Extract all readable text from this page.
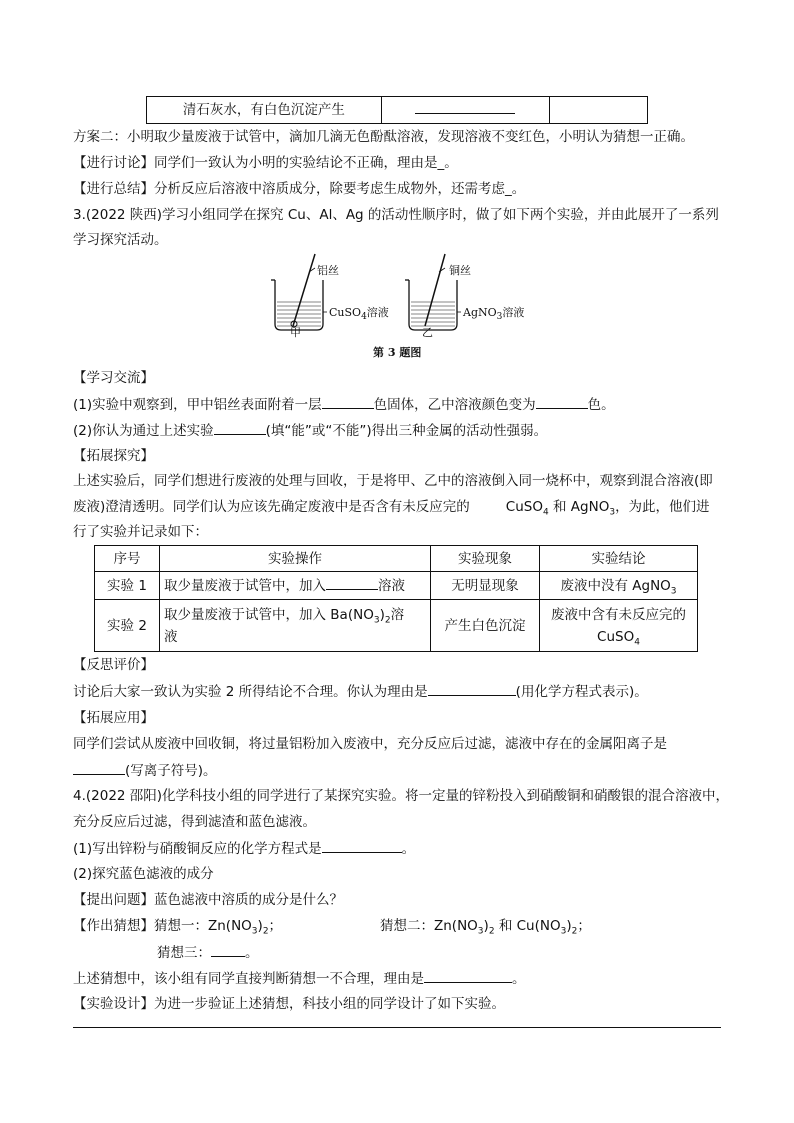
清石灰水，有白色沉淀产生		
方案二：小明取少量废液于试管中，滴加几滴无色酚酞溶液，发现溶液不变红色，小明认为猜想一正确。
【进行讨论】同学们一致认为小明的实验结论不正确，理由是_。
【进行总结】分析反应后溶液中溶质成分，除要考虑生成物外，还需考虑_。
3.(2022 陕西)学习小组同学在探究 Cu、Al、Ag 的活动性顺序时，做了如下两个实验，并由此展开了一系列
学习探究活动。
铝丝	铜丝
CuSO$_4$溶液	AgNO$_3$溶液
甲	乙
第 3 题图
【学习交流】
(1)实验中观察到，甲中铝丝表面附着一层	色固体，乙中溶液颜色变为	色。
(2)你认为通过上述实验	(填“能”或“不能”)得出三种金属的活动性强弱。
【拓展探究】
上述实验后，同学们想进行废液的处理与回收，于是将甲、乙中的溶液倒入同一烧杯中，观察到混合溶液(即
废液)澄清透明。同学们认为应该先确定废液中是否含有未反应完的	CuSO$_4$ 和 AgNO$_3$，为此，他们进
行了实验并记录如下：
序号	实验操作	实验现象	实验结论
实验 1	取少量废液于试管中，加入 溶液	无明显现象	废液中没有 AgNO$_3$
实验 2	取少量废液于试管中，加入 $Ba(NO_3)_2$溶
液	产生白色沉淀	废液中含有未反应完的
CuSO$_4$
【反思评价】
讨论后大家一致认为实验 2 所得结论不合理。你认为理由是	(用化学方程式表示)。
【拓展应用】
同学们尝试从废液中回收铜，将过量铝粉加入废液中，充分反应后过滤，滤液中存在的金属阳离子是
(写离子符号)。
4.(2022 邵阳)化学科技小组的同学进行了某探究实验。将一定量的锌粉投入到硝酸铜和硝酸银的混合溶液中，
充分反应后过滤，得到滤渣和蓝色滤液。
(1)写出锌粉与硝酸铜反应的化学方程式是	。
(2)探究蓝色滤液的成分
【提出问题】蓝色滤液中溶质的成分是什么？
【作出猜想】猜想一：$Zn(NO_3)_2$；	猜想二：$Zn(NO_3)_2$ 和 $Cu(NO_3)_2$；
猜想三：	。
上述猜想中，该小组有同学直接判断猜想一不合理，理由是	。
【实验设计】为进一步验证上述猜想，科技小组的同学设计了如下实验。
